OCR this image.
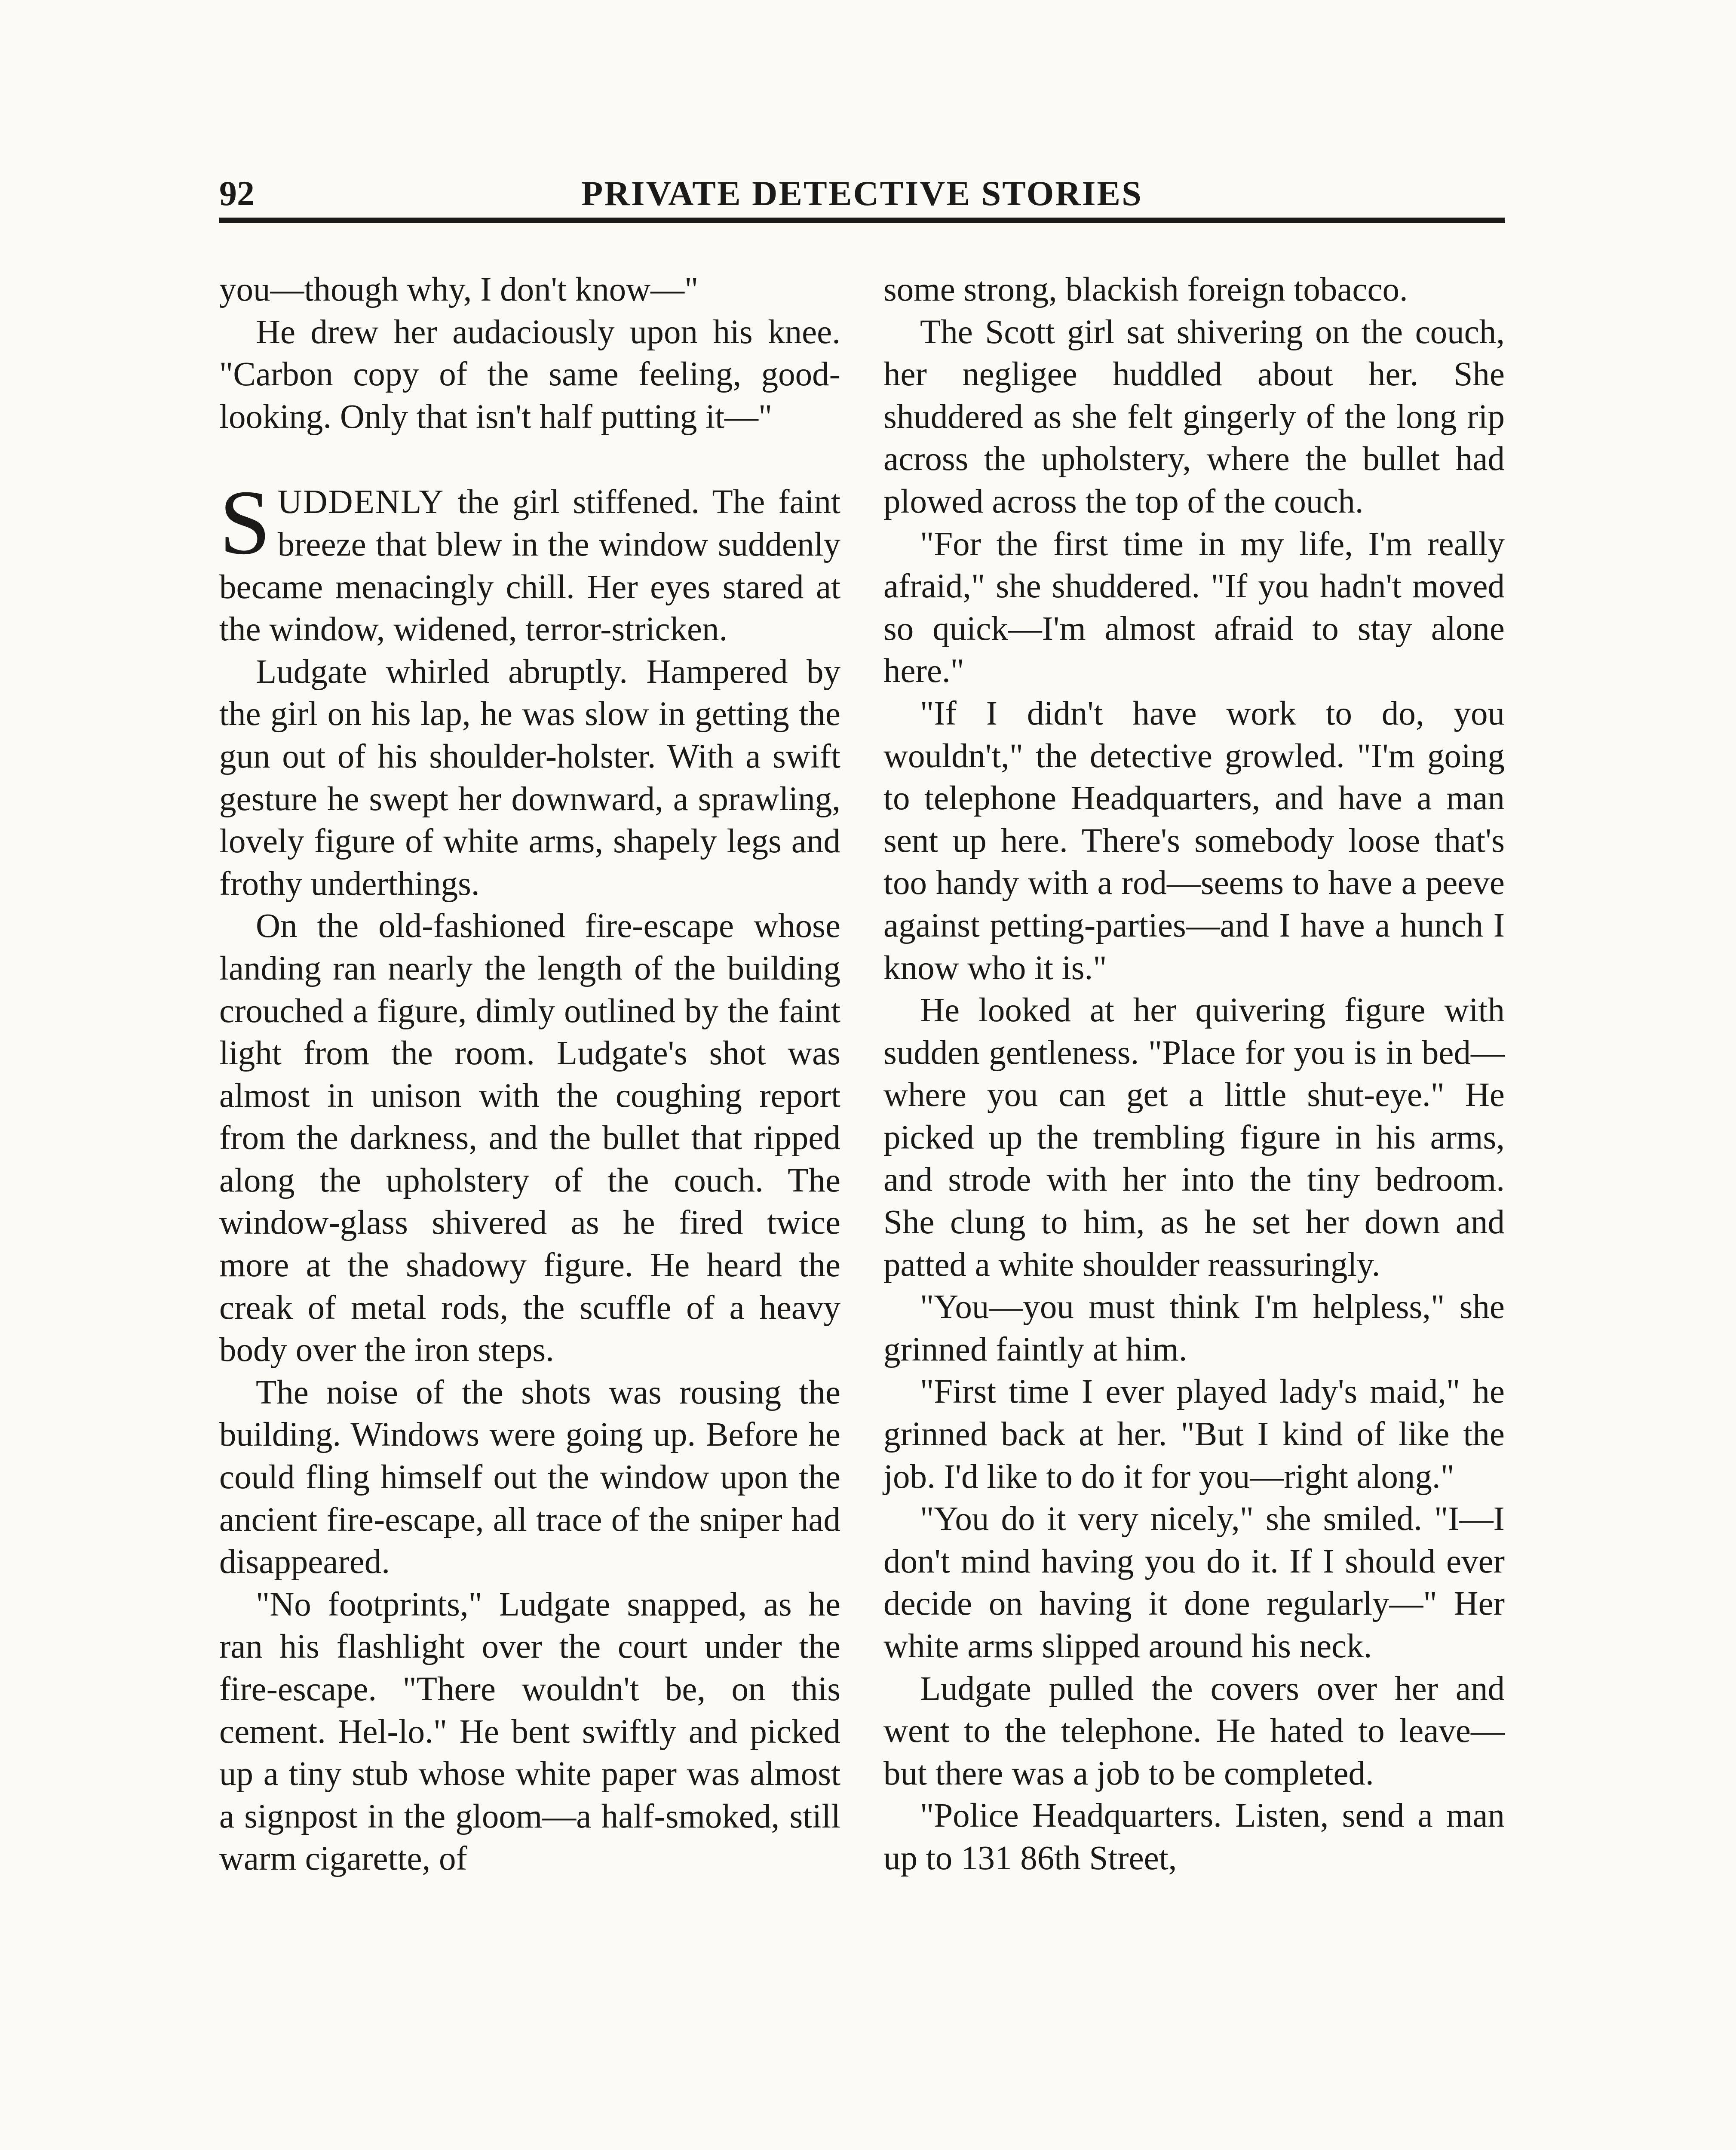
92	PRIVATE DETECTIVE STORIES

you—though why, I don't know—"

He drew her audaciously upon his knee. "Carbon copy of the same feeling, good-looking. Only that isn't half putting it—"

SUDDENLY the girl stiffened. The faint breeze that blew in the window suddenly became menacingly chill. Her eyes stared at the window, widened, terror-stricken.

Ludgate whirled abruptly. Hampered by the girl on his lap, he was slow in getting the gun out of his shoulder-holster. With a swift gesture he swept her downward, a sprawling, lovely figure of white arms, shapely legs and frothy underthings.

On the old-fashioned fire-escape whose landing ran nearly the length of the building crouched a figure, dimly outlined by the faint light from the room. Ludgate's shot was almost in unison with the coughing report from the darkness, and the bullet that ripped along the upholstery of the couch. The window-glass shivered as he fired twice more at the shadowy figure. He heard the creak of metal rods, the scuffle of a heavy body over the iron steps.

The noise of the shots was rousing the building. Windows were going up. Before he could fling himself out the window upon the ancient fire-escape, all trace of the sniper had disappeared.

"No footprints," Ludgate snapped, as he ran his flashlight over the court under the fire-escape. "There wouldn't be, on this cement. Hel-lo." He bent swiftly and picked up a tiny stub whose white paper was almost a signpost in the gloom—a half-smoked, still warm cigarette, of

some strong, blackish foreign tobacco.

The Scott girl sat shivering on the couch, her negligee huddled about her. She shuddered as she felt gingerly of the long rip across the upholstery, where the bullet had plowed across the top of the couch.

"For the first time in my life, I'm really afraid," she shuddered. "If you hadn't moved so quick—I'm almost afraid to stay alone here."

"If I didn't have work to do, you wouldn't," the detective growled. "I'm going to telephone Headquarters, and have a man sent up here. There's somebody loose that's too handy with a rod—seems to have a peeve against petting-parties—and I have a hunch I know who it is."

He looked at her quivering figure with sudden gentleness. "Place for you is in bed—where you can get a little shut-eye." He picked up the trembling figure in his arms, and strode with her into the tiny bedroom. She clung to him, as he set her down and patted a white shoulder reassuringly.

"You—you must think I'm helpless," she grinned faintly at him.

"First time I ever played lady's maid," he grinned back at her. "But I kind of like the job. I'd like to do it for you—right along."

"You do it very nicely," she smiled. "I—I don't mind having you do it. If I should ever decide on having it done regularly—" Her white arms slipped around his neck.

Ludgate pulled the covers over her and went to the telephone. He hated to leave—but there was a job to be completed.

"Police Headquarters. Listen, send a man up to 131 86th Street,
